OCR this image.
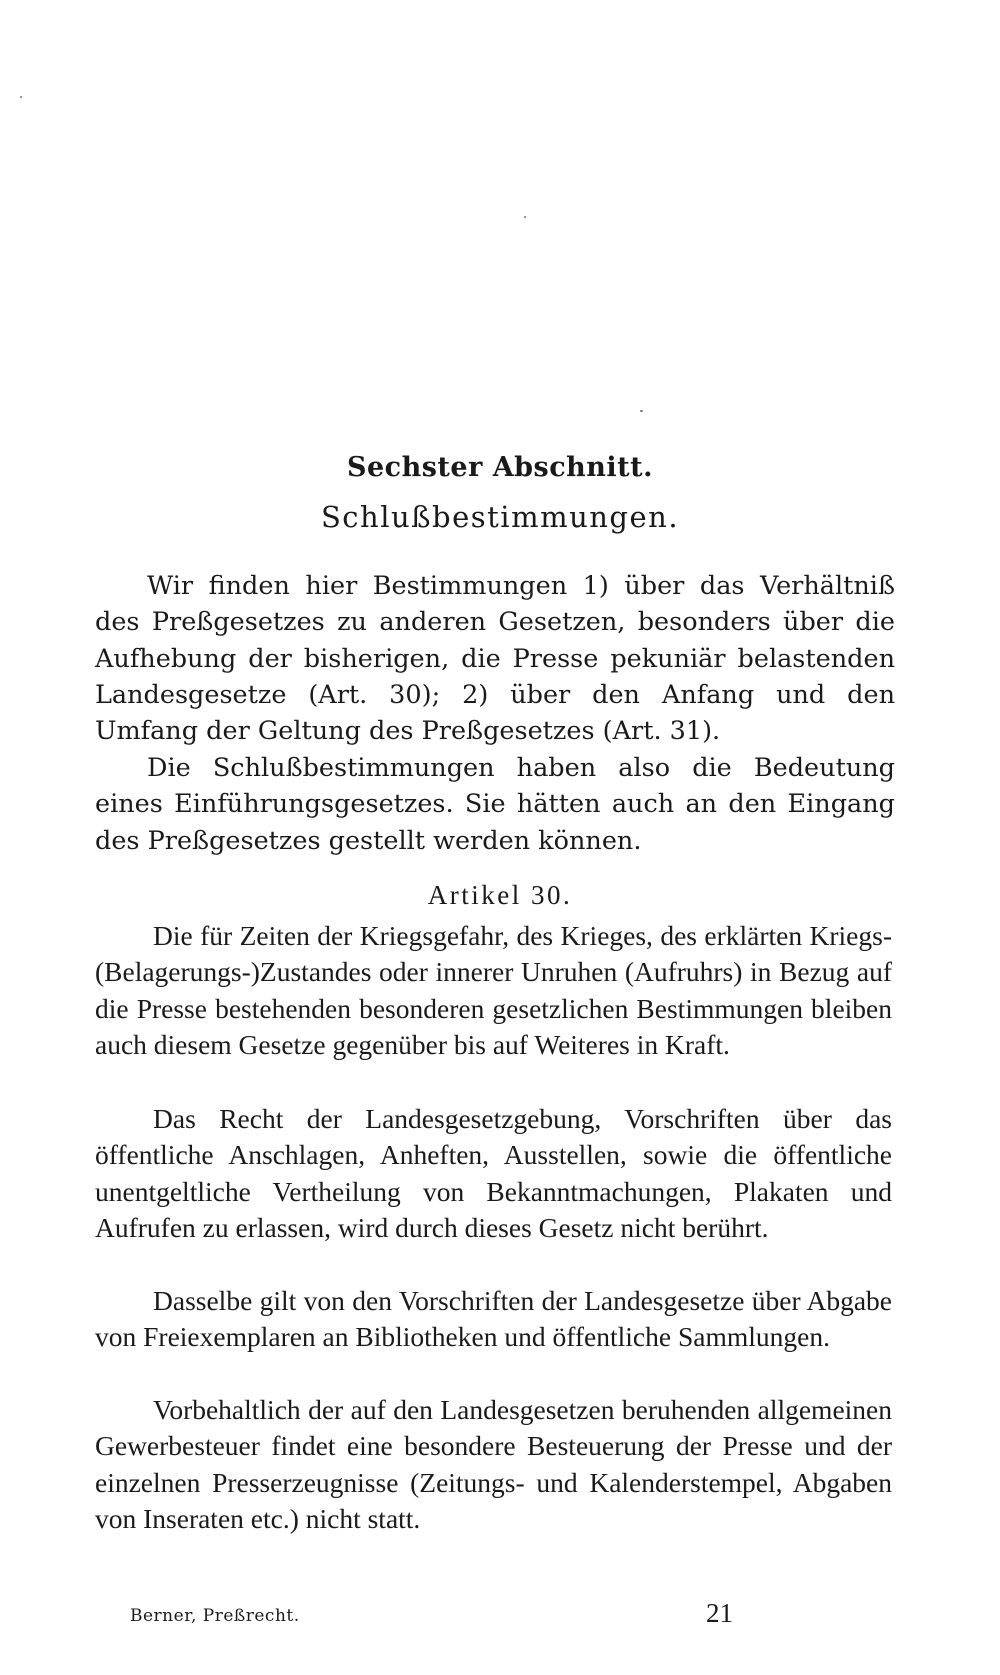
Sechster Abschnitt.
Schlußbestimmungen.

Wir finden hier Bestimmungen 1) über das Verhältniß des Preßgesetzes zu anderen Gesetzen, besonders über die Aufhebung der bisherigen, die Presse pekuniär belastenden Landesgesetze (Art. 30); 2) über den Anfang und den Umfang der Geltung des Preßgesetzes (Art. 31).

Die Schlußbestimmungen haben also die Bedeutung eines Einführungsgesetzes. Sie hätten auch an den Eingang des Preßgesetzes gestellt werden können.

Artikel 30.

Die für Zeiten der Kriegsgefahr, des Krieges, des erklärten Kriegs-(Belagerungs-)Zustandes oder innerer Unruhen (Aufruhrs) in Bezug auf die Presse bestehenden besonderen gesetzlichen Bestimmungen bleiben auch diesem Gesetze gegenüber bis auf Weiteres in Kraft.

Das Recht der Landesgesetzgebung, Vorschriften über das öffentliche Anschlagen, Anheften, Ausstellen, sowie die öffentliche unentgeltliche Vertheilung von Bekanntmachungen, Plakaten und Aufrufen zu erlassen, wird durch dieses Gesetz nicht berührt.

Dasselbe gilt von den Vorschriften der Landesgesetze über Abgabe von Freiexemplaren an Bibliotheken und öffentliche Sammlungen.

Vorbehaltlich der auf den Landesgesetzen beruhenden allgemeinen Gewerbesteuer findet eine besondere Besteuerung der Presse und der einzelnen Presserzeugnisse (Zeitungs- und Kalenderstempel, Abgaben von Inseraten etc.) nicht statt.

Berner, Preßrecht.	21
